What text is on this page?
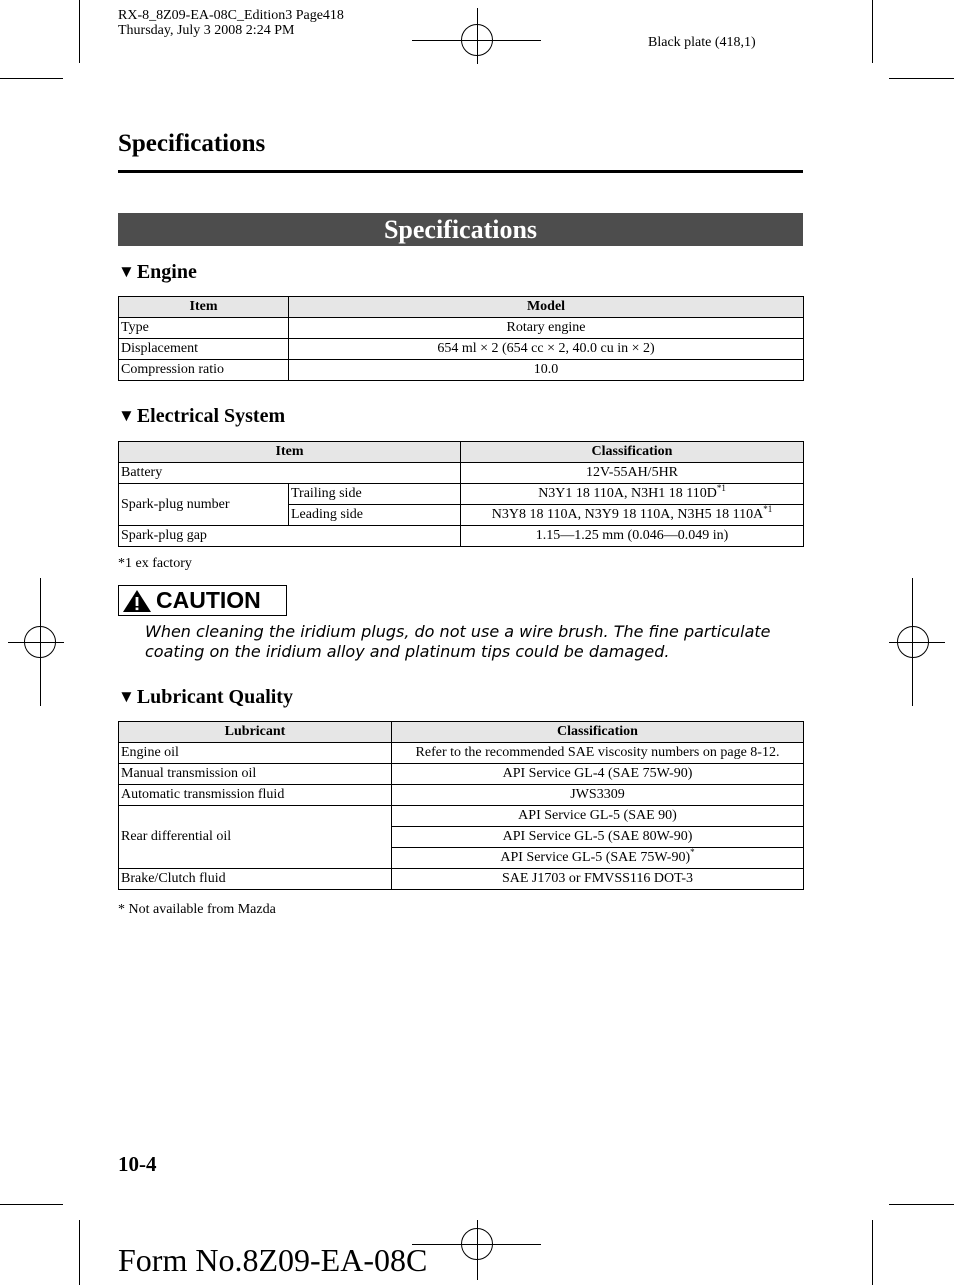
RX-8_8Z09-EA-08C_Edition3 Page418
Thursday, July 3 2008 2:24 PM
Black plate (418,1)
Specifications
Specifications
▼ Engine
Item	Model
Type	Rotary engine
Displacement	654 ml × 2 (654 cc × 2, 40.0 cu in × 2)
Compression ratio	10.0
▼ Electrical System
Item		Classification
Battery		12V-55AH/5HR
Spark-plug number	Trailing side	N3Y1 18 110A, N3H1 18 $110D^{*1}$
	Leading side	N3Y8 18 110A, N3Y9 18 110A, N3H5 18 $110A^{*1}$
Spark-plug gap		1.15—1.25 mm (0.046—0.049 in)
*1 ex factory
CAUTION
When cleaning the iridium plugs, do not use a wire brush. The fine particulate coating on the iridium alloy and platinum tips could be damaged.
▼ Lubricant Quality
Lubricant	Classification
Engine oil	Refer to the recommended SAE viscosity numbers on page 8-12.
Manual transmission oil	API Service GL-4 (SAE 75W-90)
Automatic transmission fluid	JWS3309
Rear differential oil	API Service GL-5 (SAE 90)
	API Service GL-5 (SAE 80W-90)
	API Service GL-5 (SAE 75W-90)*
Brake/Clutch fluid	SAE J1703 or FMVSS116 DOT-3
* Not available from Mazda
10-4
Form No.8Z09-EA-08C
